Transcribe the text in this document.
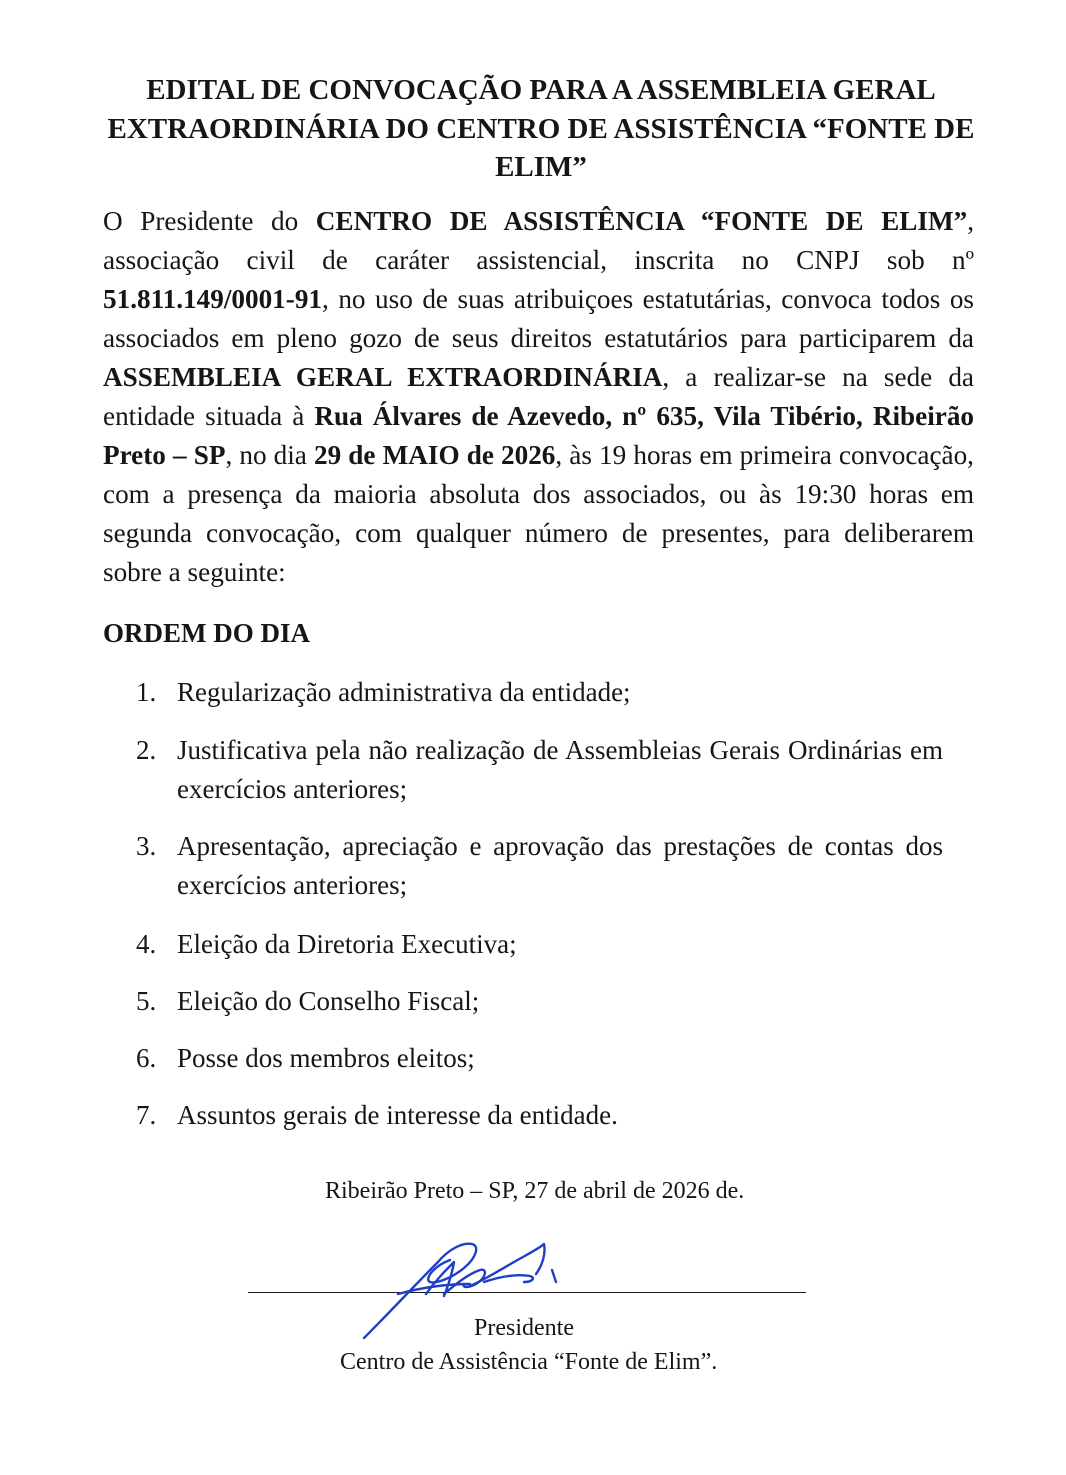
EDITAL DE CONVOCAÇÃO PARA A ASSEMBLEIA GERAL EXTRAORDINÁRIA DO CENTRO DE ASSISTÊNCIA “FONTE DE ELIM”

O Presidente do CENTRO DE ASSISTÊNCIA “FONTE DE ELIM”, associação civil de caráter assistencial, inscrita no CNPJ sob nº 51.811.149/0001-91, no uso de suas atribuiçoes estatutárias, convoca todos os associados em pleno gozo de seus direitos estatutários para participarem da ASSEMBLEIA GERAL EXTRAORDINÁRIA, a realizar-se na sede da entidade situada à Rua Álvares de Azevedo, nº 635, Vila Tibério, Ribeirão Preto – SP, no dia 29 de MAIO de 2026, às 19 horas em primeira convocação, com a presença da maioria absoluta dos associados, ou às 19:30 horas em segunda convocação, com qualquer número de presentes, para deliberarem sobre a seguinte:

ORDEM DO DIA
1. Regularização administrativa da entidade;
2. Justificativa pela não realização de Assembleias Gerais Ordinárias em exercícios anteriores;
3. Apresentação, apreciação e aprovação das prestações de contas dos exercícios anteriores;
4. Eleição da Diretoria Executiva;
5. Eleição do Conselho Fiscal;
6. Posse dos membros eleitos;
7. Assuntos gerais de interesse da entidade.

Ribeirão Preto – SP, 27 de abril de 2026 de.

Presidente

Centro de Assistência “Fonte de Elim”.
